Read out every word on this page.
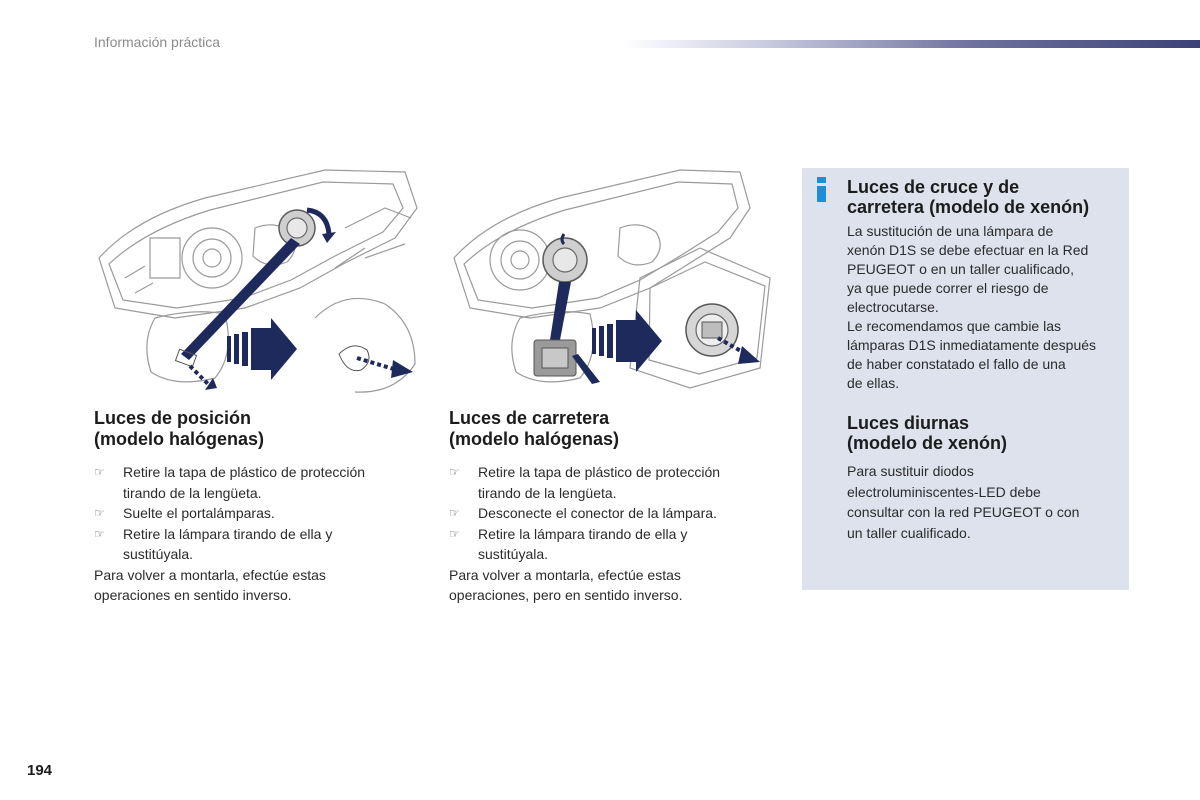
Información práctica
Luces de posición
(modelo halógenas)
☞ Retire la tapa de plástico de protección
tirando de la lengüeta.
☞ Suelte el portalámparas.
☞ Retire la lámpara tirando de ella y
sustitúyala.

Para volver a montarla, efectúe estas
operaciones en sentido inverso.

Luces de carretera
(modelo halógenas)
☞ Retire la tapa de plástico de protección
tirando de la lengüeta.
☞ Desconecte el conector de la lámpara.
☞ Retire la lámpara tirando de ella y
sustitúyala.

Para volver a montarla, efectúe estas
operaciones, pero en sentido inverso.

Luces de cruce y de
carretera (modelo de xenón)

La sustitución de una lámpara de
xenón D1S se debe efectuar en la Red
PEUGEOT o en un taller cualificado,
ya que puede correr el riesgo de
electrocutarse.
Le recomendamos que cambie las
lámparas D1S inmediatamente después
de haber constatado el fallo de una
de ellas.

Luces diurnas
(modelo de xenón)

Para sustituir diodos
electroluminiscentes-LED debe
consultar con la red PEUGEOT o con
un taller cualificado.

194
